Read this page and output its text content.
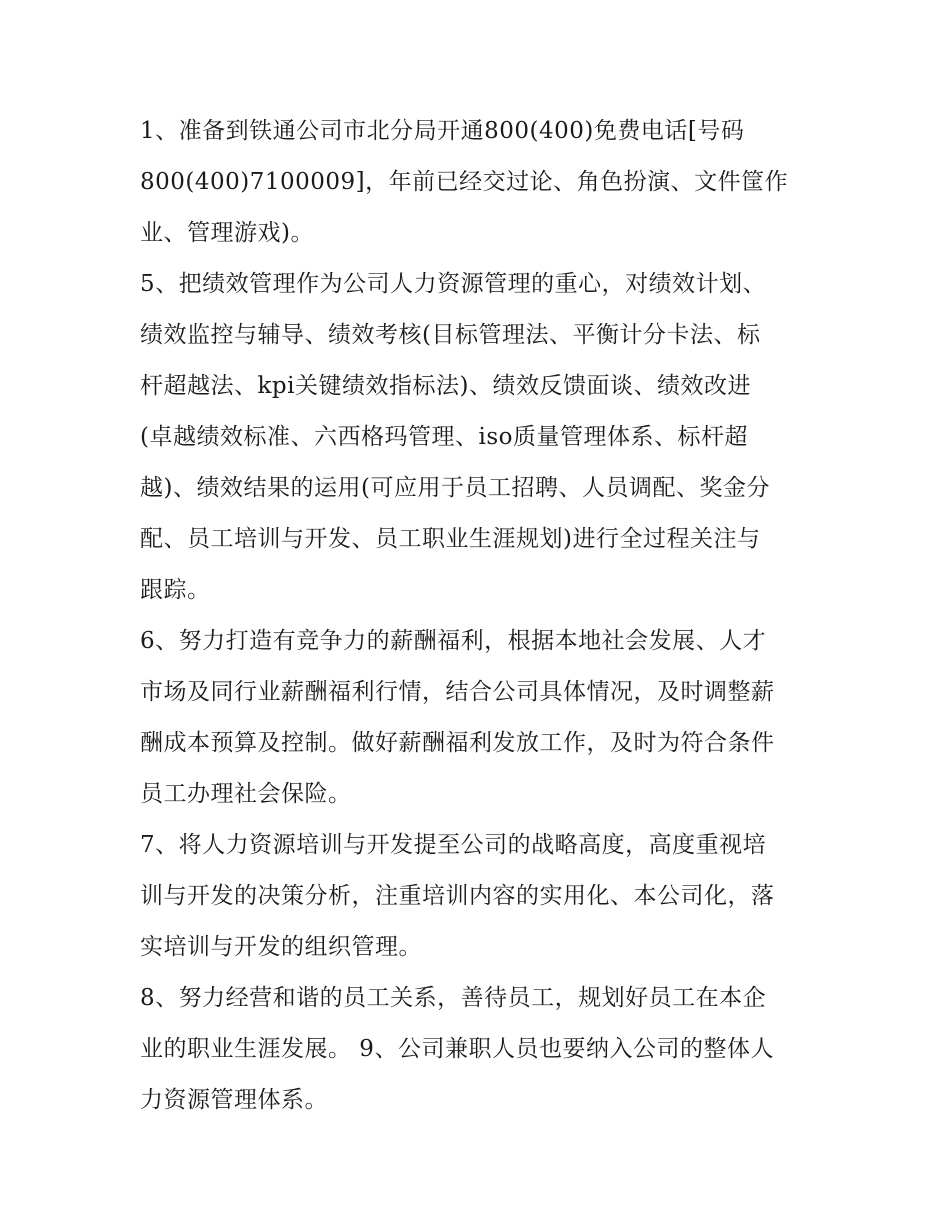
1、准备到铁通公司市北分局开通800(400)免费电话[号码
800(400)7100009]，年前已经交过论、角色扮演、文件筐作
业、管理游戏)。
5、把绩效管理作为公司人力资源管理的重心，对绩效计划、
绩效监控与辅导、绩效考核(目标管理法、平衡计分卡法、标
杆超越法、kpi关键绩效指标法)、绩效反馈面谈、绩效改进
(卓越绩效标准、六西格玛管理、iso质量管理体系、标杆超
越)、绩效结果的运用(可应用于员工招聘、人员调配、奖金分
配、员工培训与开发、员工职业生涯规划)进行全过程关注与
跟踪。
6、努力打造有竞争力的薪酬福利，根据本地社会发展、人才
市场及同行业薪酬福利行情，结合公司具体情况，及时调整薪
酬成本预算及控制。做好薪酬福利发放工作，及时为符合条件
员工办理社会保险。
7、将人力资源培训与开发提至公司的战略高度，高度重视培
训与开发的决策分析，注重培训内容的实用化、本公司化，落
实培训与开发的组织管理。
8、努力经营和谐的员工关系，善待员工，规划好员工在本企
业的职业生涯发展。 9、公司兼职人员也要纳入公司的整体人
力资源管理体系。
